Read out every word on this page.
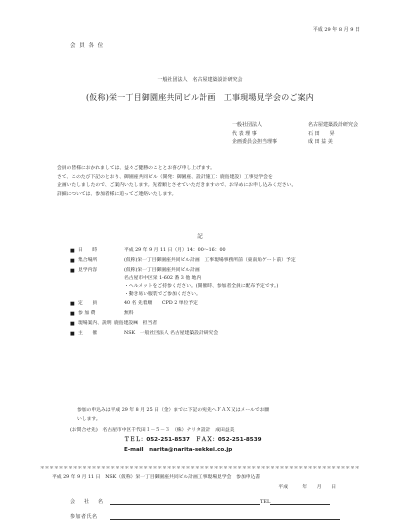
平成 29 年 8 月 9 日
会 員 各 位
一般社団法人　名古屋建築設計研究会
(仮称)栄一丁目御園座共同ビル計画　工事現場見学会のご案内
一般社団法人	名古屋建築設計研究会
代 表 理 事	石 田　　昇
企画委員会担当理事	成 田 益 美
会員の皆様におかれましては、益々ご健勝のこととお喜び申し上げます。
さて、このたび下記のとおり、御園座共同ビル（開発：御園座、設計施工：鹿島建設）工事見学会を
企画いたしましたので、ご案内いたします。先着順とさせていただきますので、お早めにお申し込みください。
詳細については、参加者様に追ってご連絡いたします。
記
■ 日　　時	平成 29 年 9 月 11 日（月）14：00～16：00
■ 集合場所	(仮称)栄一丁目御園座共同ビル計画　工事現場事務所前（東南角ゲート前）予定
■ 見学内容	(仮称)栄一丁目御園座共同ビル計画
名古屋市中区栄 1-602 番 3 他 地内
・ヘルメットをご持参ください。(開催時、参加者全員に配布予定です。)
・動き易い服装でご参加ください。
■ 定　　員	40 名 先着順　　CPD 2 単位予定
■ 参 加 費	無料
■ 現場案内、説明 鹿島建設㈱　担当者
■ 主　　催	NSK　一般社団法人 名古屋建築設計研究会
参加の申込みは平成 29 年 8 月 25 日（金）までに下記の宛先へＦＡＸ又はメールでお願
いします。
(お問合せ先)　名古屋市中区千代田１－５－３　（株）ナリタ設計　成田益美
ＴＥＬ：052-251-8537　ＦＡＸ：052-251-8539
E-mail　narita@narita-sekkei.co.jp
＊＊＊＊＊＊＊＊＊＊＊＊＊＊＊＊＊＊＊＊＊＊＊＊＊＊＊＊＊＊＊＊＊＊＊＊＊＊＊＊＊＊＊＊＊＊＊＊＊＊＊＊＊＊＊＊＊＊＊＊＊＊＊＊＊＊＊＊
平成 29 年 9 月 11 日　NSK（仮称）栄一丁目御園座共同ビル計画工事現場見学会　参加申込書
平成　　　年　　月　　日
会　社　名	TEL
参加者氏名
